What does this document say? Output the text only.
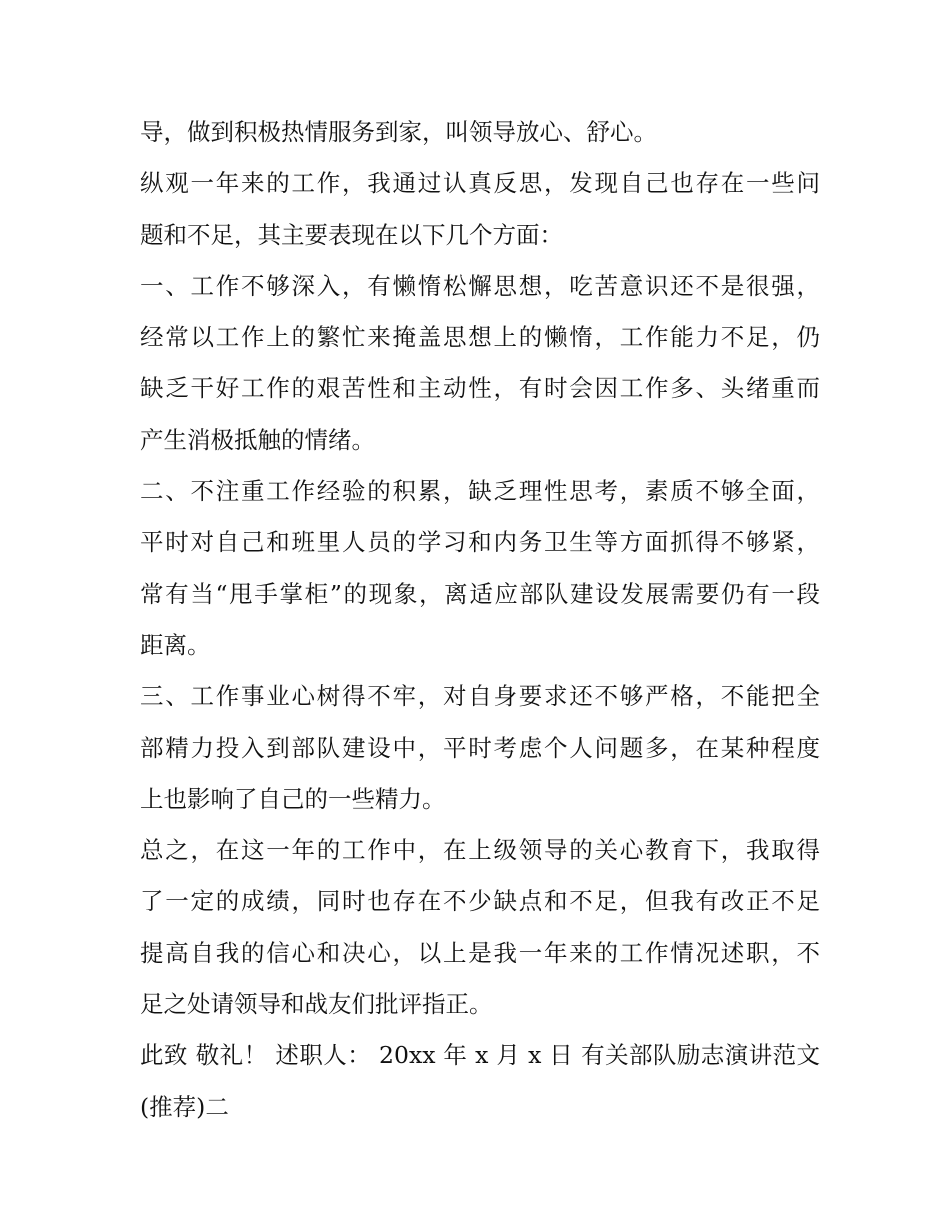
导，做到积极热情服务到家，叫领导放心、舒心。
纵观一年来的工作，我通过认真反思，发现自己也存在一些问
题和不足，其主要表现在以下几个方面：
一、工作不够深入，有懒惰松懈思想，吃苦意识还不是很强，
经常以工作上的繁忙来掩盖思想上的懒惰，工作能力不足，仍
缺乏干好工作的艰苦性和主动性，有时会因工作多、头绪重而
产生消极抵触的情绪。
二、不注重工作经验的积累，缺乏理性思考，素质不够全面，
平时对自己和班里人员的学习和内务卫生等方面抓得不够紧，
常有当“甩手掌柜”的现象，离适应部队建设发展需要仍有一段
距离。
三、工作事业心树得不牢，对自身要求还不够严格，不能把全
部精力投入到部队建设中，平时考虑个人问题多，在某种程度
上也影响了自己的一些精力。
总之，在这一年的工作中，在上级领导的关心教育下，我取得
了一定的成绩，同时也存在不少缺点和不足，但我有改正不足
提高自我的信心和决心，以上是我一年来的工作情况述职，不
足之处请领导和战友们批评指正。
此致 敬礼！ 述职人： 20xx 年 x 月 x 日 有关部队励志演讲范文
(推荐)二
